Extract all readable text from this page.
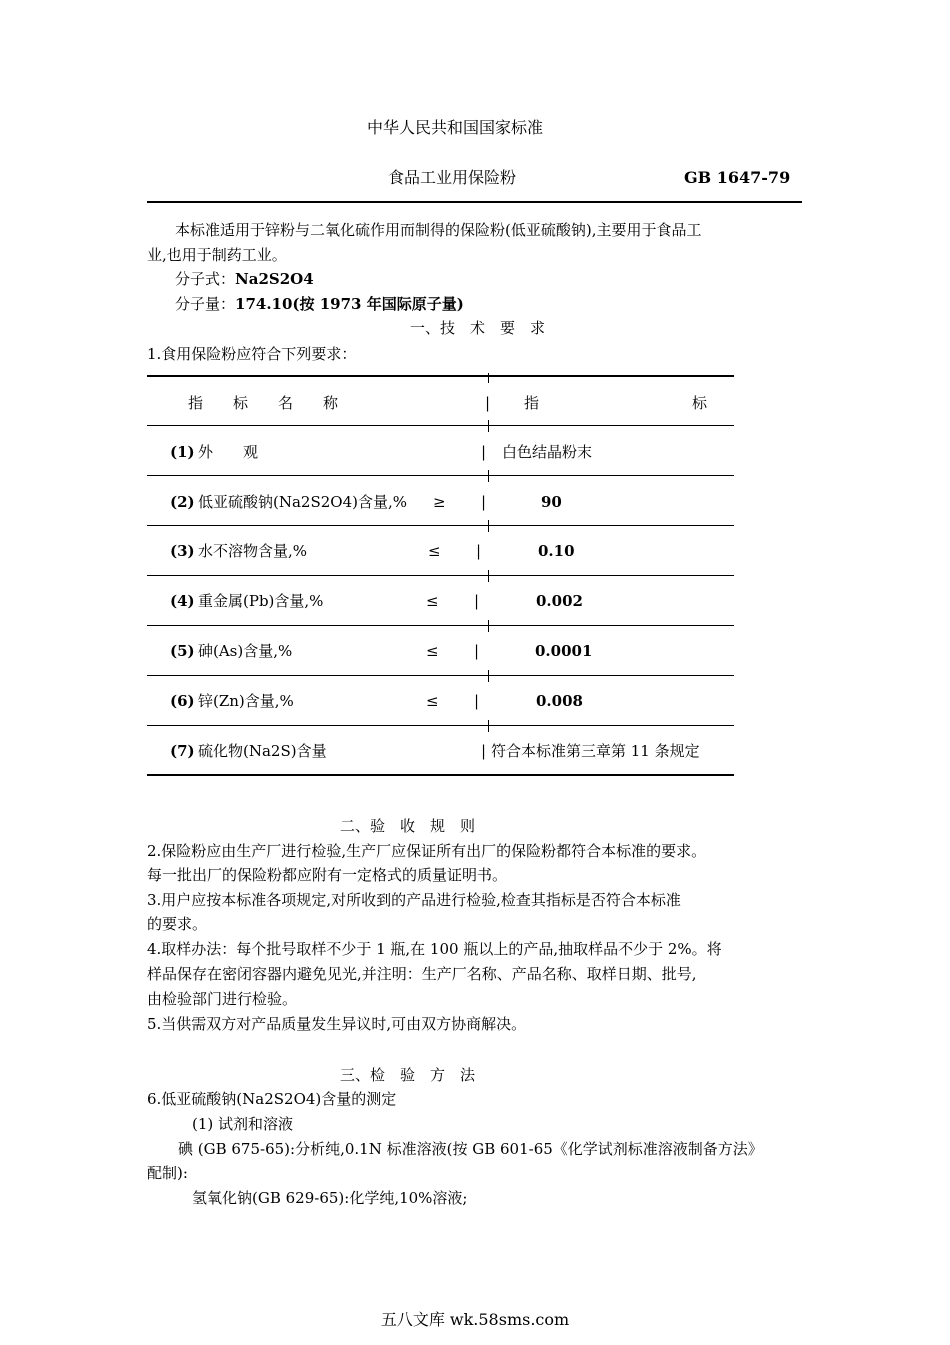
中华人民共和国国家标准
食品工业用保险粉	GB 1647-79
本标准适用于锌粉与二氧化硫作用而制得的保险粉(低亚硫酸钠),主要用于食品工
业,也用于制药工业。
分子式：Na2S2O4
分子量：174.10(按 1973 年国际原子量)
一、技　术　要　求
1.食用保险粉应符合下列要求：
指　　标　　名　　称	| 指	标
(1) 外　　观	| 白色结晶粉末
(2) 低亚硫酸钠(Na2S2O4)含量,% ≥ |	90
(3) 水不溶物含量,%	≤ |	0.10
(4) 重金属(Pb)含量,%	≤ |	0.002
(5) 砷(As)含量,%	≤ |	0.0001
(6) 锌(Zn)含量,%	≤ |	0.008
(7) 硫化物(Na2S)含量	| 符合本标准第三章第 11 条规定
二、验　收　规　则
2.保险粉应由生产厂进行检验,生产厂应保证所有出厂的保险粉都符合本标准的要求。
每一批出厂的保险粉都应附有一定格式的质量证明书。
3.用户应按本标准各项规定,对所收到的产品进行检验,检查其指标是否符合本标准
的要求。
4.取样办法：每个批号取样不少于 1 瓶,在 100 瓶以上的产品,抽取样品不少于 2%。将
样品保存在密闭容器内避免见光,并注明：生产厂名称、产品名称、取样日期、批号,
由检验部门进行检验。
5.当供需双方对产品质量发生异议时,可由双方协商解决。
三、检　验　方　法
6.低亚硫酸钠(Na2S2O4)含量的测定
(1) 试剂和溶液
碘 (GB 675-65):分析纯,0.1N 标准溶液(按 GB 601-65《化学试剂标准溶液制备方法》
配制):
氢氧化钠(GB 629-65):化学纯,10%溶液;
五八文库 wk.58sms.com
